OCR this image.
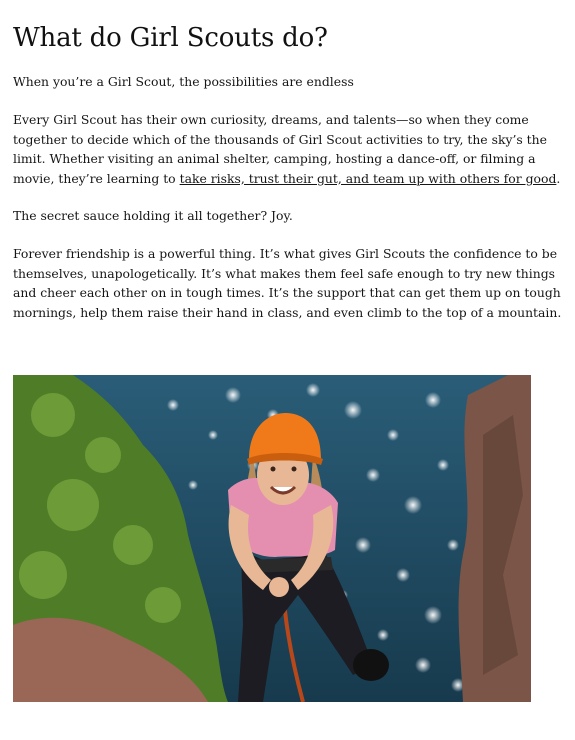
What do Girl Scouts do?

When you’re a Girl Scout, the possibilities are endless

Every Girl Scout has their own curiosity, dreams, and talents—so when they come together to decide which of the thousands of Girl Scout activities to try, the sky’s the limit. Whether visiting an animal shelter, camping, hosting a dance-off, or filming a movie, they’re learning to take risks, trust their gut, and team up with others for good.

The secret sauce holding it all together? Joy.

Forever friendship is a powerful thing. It’s what gives Girl Scouts the confidence to be themselves, unapologetically. It’s what makes them feel safe enough to try new things and cheer each other on in tough times. It’s the support that can get them up on tough mornings, help them raise their hand in class, and even climb to the top of a mountain.
